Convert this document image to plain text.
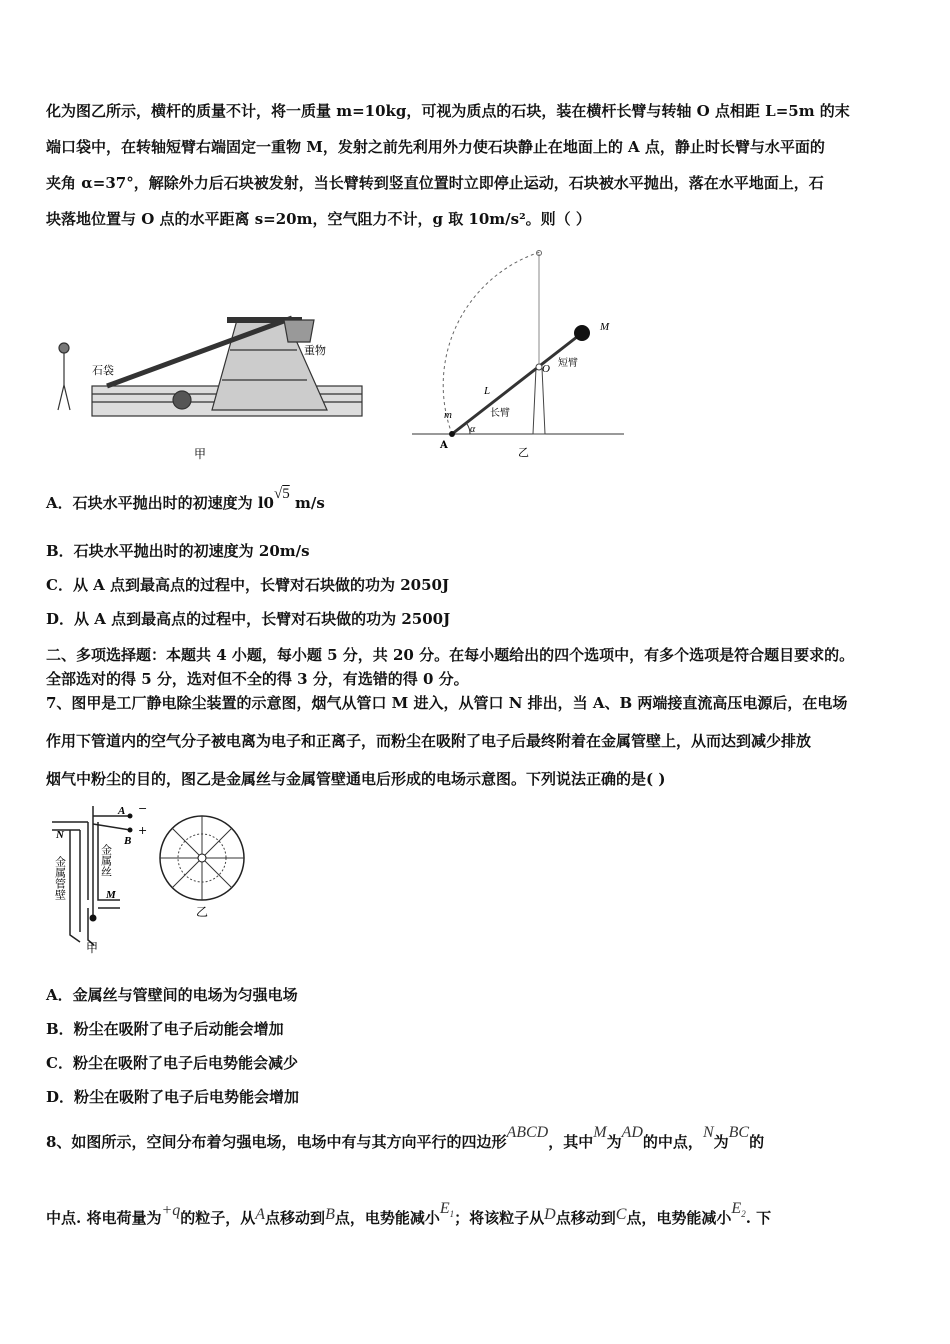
化为图乙所示，横杆的质量不计，将一质量 m=10kg，可视为质点的石块，装在横杆长臂与转轴 O 点相距 L=5m 的末
端口袋中，在转轴短臂右端固定一重物 M，发射之前先利用外力使石块静止在地面上的 A 点，静止时长臂与水平面的
夹角 α=37°，解除外力后石块被发射，当长臂转到竖直位置时立即停止运动，石块被水平抛出，落在水平地面上，石
块落地位置与 O 点的水平距离 s=20m，空气阻力不计，g 取 10m/s²。则（ ）
石袋
重物
甲
M
O 短臂
L
长臂
m
α
A
乙
A．石块水平抛出时的初速度为 l0√5 m/s
B．石块水平抛出时的初速度为 20m/s
C．从 A 点到最高点的过程中，长臂对石块做的功为 2050J
D．从 A 点到最高点的过程中，长臂对石块做的功为 2500J
二、多项选择题：本题共 4 小题，每小题 5 分，共 20 分。在每小题给出的四个选项中，有多个选项是符合题目要求的。
全部选对的得 5 分，选对但不全的得 3 分，有选错的得 0 分。
7、图甲是工厂静电除尘装置的示意图，烟气从管口 M 进入，从管口 N 排出，当 A、B 两端接直流高压电源后，在电场
作用下管道内的空气分子被电离为电子和正离子，而粉尘在吸附了电子后最终附着在金属管壁上，从而达到减少排放
烟气中粉尘的目的，图乙是金属丝与金属管壁通电后形成的电场示意图。下列说法正确的是( )
A −
B
+
N
M
金属管壁	金属丝
甲
乙
A．金属丝与管壁间的电场为匀强电场
B．粉尘在吸附了电子后动能会增加
C．粉尘在吸附了电子后电势能会减少
D．粉尘在吸附了电子后电势能会增加
8、如图所示，空间分布着匀强电场，电场中有与其方向平行的四边形ABCD，其中M为AD的中点，N为BC的
中点. 将电荷量为+q的粒子，从A点移动到B点，电势能减小$E_1$；将该粒子从D点移动到C点，电势能减小$E_2$. 下
